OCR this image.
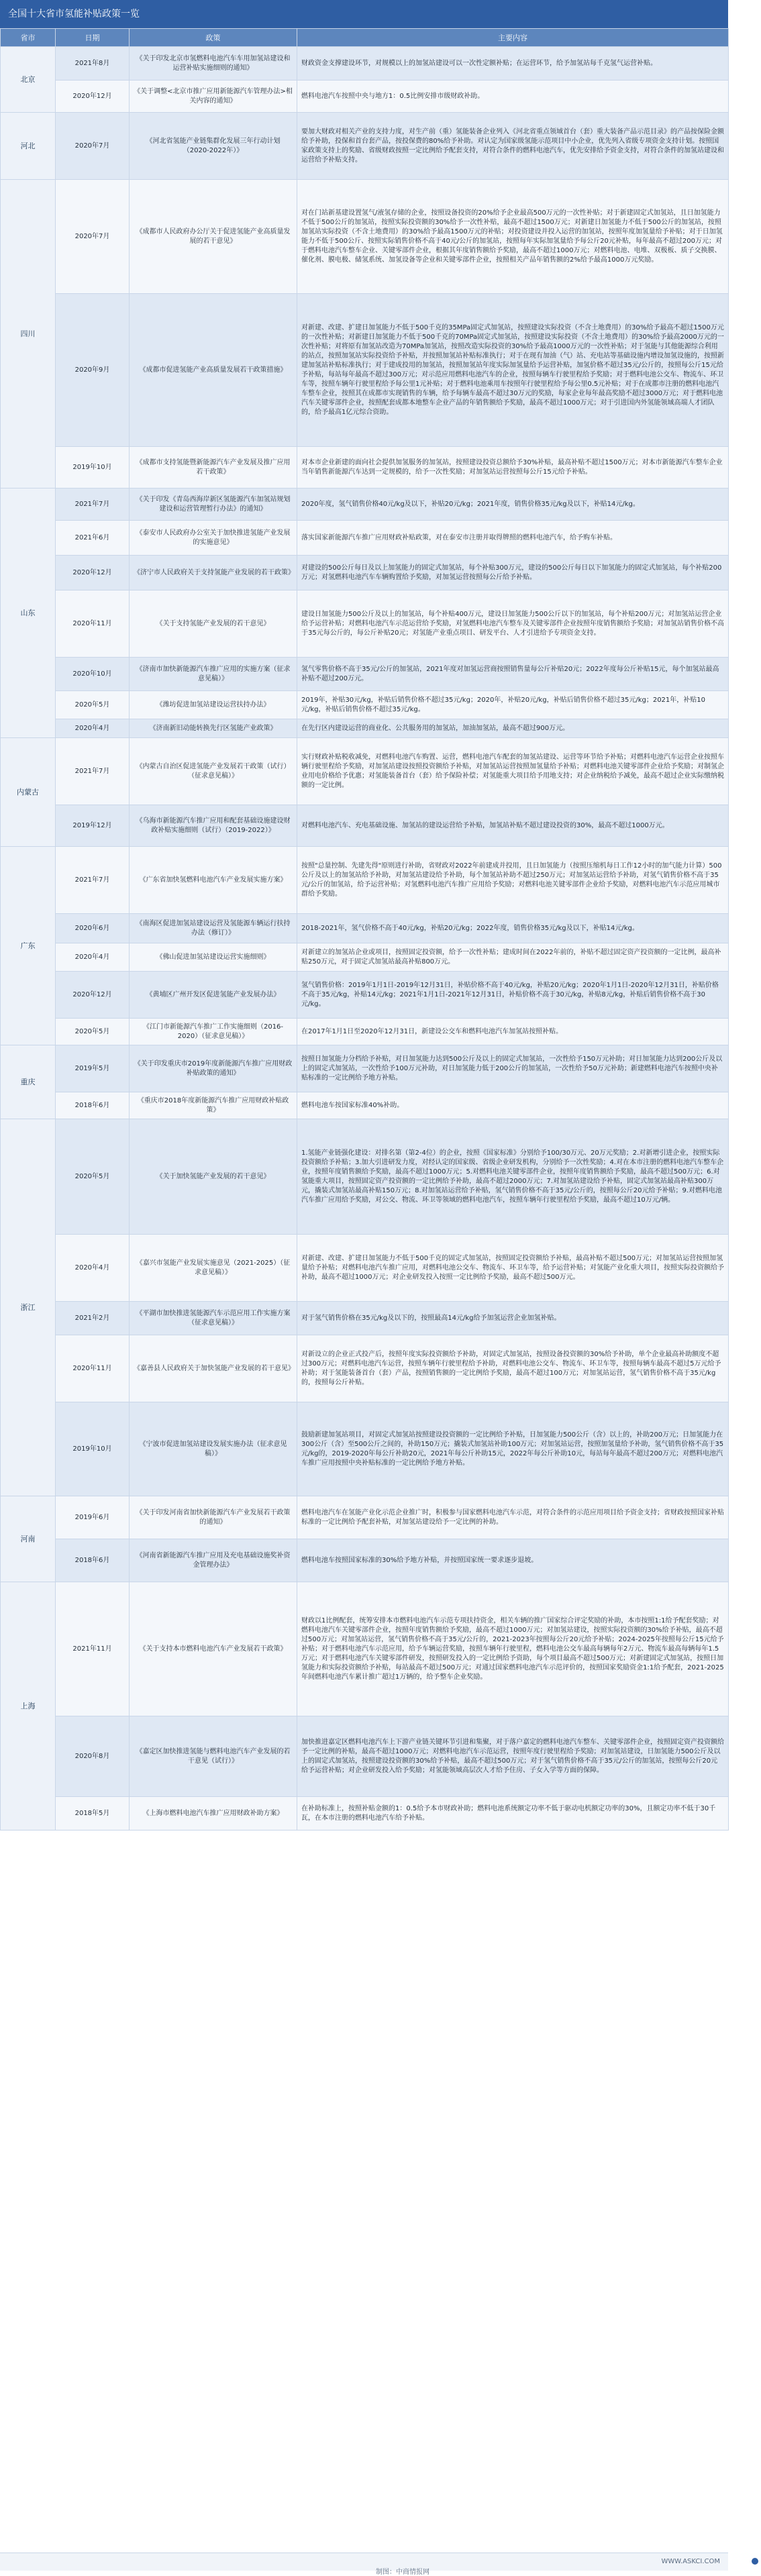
全国十大省市氢能补贴政策一览
省市	日期	政策	主要内容
北京	2021年8月	《关于印发北京市氢燃料电池汽车车用加氢站建设和运营补贴实施细则的通知》	财政资金支撑建设环节，对规模以上的加氢站建设可以一次性定额补贴；在运营环节，给予加氢站每千克氢气运营补贴。
	2020年12月	《关于调整<北京市推广应用新能源汽车管理办法>相关内容的通知》	燃料电池汽车按照中央与地方1：0.5比例安排市级财政补助。
河北	2020年7月	《河北省氢能产业链集群化发展三年行动计划（2020-2022年）》	要加大财政对相关产业的支持力度，对生产前（重）氢能装备企业列入《河北省重点领域首台（套）重大装备产品示范目录》的产品按保险金额给予补助，投保和首台套产品，按投保费的80%给予补助。对认定为国家级氢能示范项目中小企业，优先列入省级专项资金支持计划。按照国家政策支持上的奖励、省级财政按照一定比例给予配套支持，对符合条件的燃料电池汽车，优先安排给予资金支持，对符合条件的加氢站建设和运营给予补贴支持。
四川	2020年7月	《成都市人民政府办公厅关于促进氢能产业高质量发展的若干意见》	对在门站新基建设置氢气/液氢存储的企业，按照设备投资的20%给予企业最高500万元的一次性补贴；对于新建固定式加氢站，且日加氢能力不低于500公斤的加氢站，按照实际投资额的30%给予一次性补贴，最高不超过1500万元；对新建日加氢能力不低于500公斤的加氢站，按照加氢站实际投资（不含土地费用）的30%给予最高1500万元的补贴；对投资建设并投入运营的加氢站，按照年度加氢量给予补贴；对于日加氢能力不低于500公斤、按照实际销售价格不高于40元/公斤的加氢站，按照每年实际加氢量给予每公斤20元补贴，每年最高不超过200万元；对于燃料电池汽车整车企业、关键零部件企业，根据其年度销售额给予奖励，最高不超过1000万元；对燃料电池、电堆、双极板、质子交换膜、催化剂、膜电极、储氢系统、加氢设备等企业和关键零部件企业，按照相关产品年销售额的2%给予最高1000万元奖励。
	2020年9月	《成都市促进氢能产业高质量发展若干政策措施》	对新建、改建、扩建日加氢能力不低于500千克的35MPa固定式加氢站，按照建设实际投资（不含土地费用）的30%给予最高不超过1500万元的一次性补贴；对新建日加氢能力不低于500千克的70MPa固定式加氢站，按照建设实际投资（不含土地费用）的30%给予最高2000万元的一次性补贴；对将原有加氢站改造为70MPa加氢站，按照改造实际投资的30%给予最高1000万元的一次性补贴；对于氢能与其他能源综合利用的站点，按照加氢站实际投资给予补贴，并按照加氢站补贴标准执行；对于在现有加油（气）站、充电站等基础设施内增设加氢设施的，按照新建加氢站补贴标准执行；对于建成投用的加氢站，按照加氢站年度实际加氢量给予运营补贴，加氢价格不超过35元/公斤的，按照每公斤15元给予补贴，每站每年最高不超过300万元；对示范应用燃料电池汽车的企业，按照每辆车行驶里程给予奖励；对于燃料电池公交车、物流车、环卫车等，按照车辆年行驶里程给予每公里1元补贴；对于燃料电池乘用车按照年行驶里程给予每公里0.5元补贴；对于在成都市注册的燃料电池汽车整车企业，按照其在成都市实现销售的车辆，给予每辆车最高不超过30万元的奖励，每家企业每年最高奖励不超过3000万元；对于燃料电池汽车关键零部件企业，按照配套成都本地整车企业产品的年销售额给予奖励，最高不超过1000万元；对于引进国内外氢能领域高端人才团队的，给予最高1亿元综合资助。
	2019年10月	《成都市支持氢能暨新能源汽车产业发展及推广应用若干政策》	对本市企业新建的面向社会提供加氢服务的加氢站，按照建设投资总额给予30%补贴，最高补贴不超过1500万元；对本市新能源汽车整车企业当年销售新能源汽车达到一定规模的，给予一次性奖励；对加氢站运营按照每公斤15元给予补贴。
山东	2021年7月	《关于印发《青岛西海岸新区氢能源汽车加氢站规划建设和运营管理暂行办法》的通知》	2020年度，氢气销售价格40元/kg及以下，补贴20元/kg；2021年度，销售价格35元/kg及以下，补贴14元/kg。
	2021年6月	《泰安市人民政府办公室关于加快推进氢能产业发展的实施意见》	落实国家新能源汽车推广应用财政补贴政策，对在泰安市注册并取得牌照的燃料电池汽车，给予购车补贴。
	2020年12月	《济宁市人民政府关于支持氢能产业发展的若干政策》	对建设的500公斤每日及以上加氢能力的固定式加氢站，每个补贴300万元，建设的500公斤每日以下加氢能力的固定式加氢站，每个补贴200万元；对氢燃料电池汽车车辆购置给予奖励，对加氢运营按照每公斤给予补贴。
	2020年11月	《关于支持氢能产业发展的若干意见》	建设日加氢能力500公斤及以上的加氢站，每个补贴400万元，建设日加氢能力500公斤以下的加氢站，每个补贴200万元；对加氢站运营企业给予运营补贴；对燃料电池汽车示范运营给予奖励，对氢燃料电池汽车整车及关键零部件企业按照年度销售额给予奖励；对加氢站销售价格不高于35元每公斤的，每公斤补贴20元；对氢能产业重点项目、研发平台、人才引进给予专项资金支持。
	2020年10月	《济南市加快新能源汽车推广应用的实施方案（征求意见稿）》	氢气零售价格不高于35元/公斤的加氢站，2021年度对加氢运营商按照销售量每公斤补贴20元；2022年度每公斤补贴15元，每个加氢站最高补贴不超过200万元。
	2020年5月	《潍坊促进加氢站建设运营扶持办法》	2019年，补贴30元/kg，补贴后销售价格不超过35元/kg；2020年，补贴20元/kg，补贴后销售价格不超过35元/kg；2021年，补贴10元/kg，补贴后销售价格不超过35元/kg。
	2020年4月	《济南新旧动能转换先行区氢能产业政策》	在先行区内建设运营的商业化、公共服务用的加氢站，加油加氢站，最高不超过900万元。
内蒙古	2021年7月	《内蒙古自治区促进氢能产业发展若干政策（试行）（征求意见稿）》	实行财政补贴税收减免，对燃料电池汽车购置、运营，燃料电池汽车配套的加氢站建设、运营等环节给予补贴；对燃料电池汽车运营企业按照车辆行驶里程给予奖励，对加氢站建设按照投资额给予补贴，对加氢站运营按照加氢量给予补贴；对燃料电池关键零部件企业给予奖励；对制氢企业用电价格给予优惠；对氢能装备首台（套）给予保险补偿；对氢能重大项目给予用地支持；对企业纳税给予减免，最高不超过企业实际缴纳税额的一定比例。
	2019年12月	《乌海市新能源汽车推广应用和配套基础设施建设财政补贴实施细则（试行）（2019-2022）》	对燃料电池汽车、充电基础设施、加氢站的建设运营给予补贴，加氢站补贴不超过建设投资的30%，最高不超过1000万元。
广东	2021年7月	《广东省加快氢燃料电池汽车产业发展实施方案》	按照"总量控制、先建先得"原则进行补助，省财政对2022年前建成并投用，且日加氢能力（按照压缩机每日工作12小时的加气能力计算）500公斤及以上的加氢站给予补助，对加氢站建设给予补助，每个加氢站补助不超过250万元；对加氢站运营给予补助，对氢气销售价格不高于35元/公斤的加氢站，给予运营补贴；对氢燃料电池汽车推广应用给予奖励；对燃料电池关键零部件企业给予奖励，对燃料电池汽车示范应用城市群给予奖励。
	2020年6月	《南海区促进加氢站建设运营及氢能源车辆运行扶持办法（修订）》	2018-2021年，氢气价格不高于40元/kg，补贴20元/kg；2022年度，销售价格35元/kg及以下，补贴14元/kg。
	2020年4月	《佛山促进加氢站建设运营实施细则》	对新建立的加氢站企业或项目，按照固定投资额，给予一次性补贴；建成时间在2022年前的，补贴不超过固定资产投资额的一定比例，最高补贴250万元，对于固定式加氢站最高补贴800万元。
	2020年12月	《黄埔区广州开发区促进氢能产业发展办法》	氢气销售价格：2019年1月1日-2019年12月31日，补贴价格不高于40元/kg，补贴20元/kg；2020年1月1日-2020年12月31日，补贴价格不高于35元/kg，补贴14元/kg；2021年1月1日-2021年12月31日，补贴价格不高于30元/kg，补贴8元/kg，补贴后销售价格不高于30元/kg。
	2020年5月	《江门市新能源汽车推广工作实施细则（2016-2020）（征求意见稿）》	在2017年1月1日至2020年12月31日，新建设公交车和燃料电池汽车加氢站按照补贴。
重庆	2019年5月	《关于印发重庆市2019年度新能源汽车推广应用财政补贴政策的通知》	按照日加氢能力分档给予补贴，对日加氢能力达到500公斤及以上的固定式加氢站，一次性给予150万元补助；对日加氢能力达到200公斤及以上的固定式加氢站，一次性给予100万元补助，对日加氢能力低于200公斤的加氢站，一次性给予50万元补助；新建燃料电池汽车按照中央补贴标准的一定比例给予地方补贴。
	2018年6月	《重庆市2018年度新能源汽车推广应用财政补贴政策》	燃料电池车按国家标准40%补助。
浙江	2020年5月	《关于加快氢能产业发展的若干意见》	1.氢能产业链强化建设：对排名第（第2-4位）的企业，按照《国家标准》分别给予100/30万元、20万元奖励；2.对新增引进企业，按照实际投资额给予补贴；3.加大引进研发力度，对经认定的国家级、省级企业研发机构，分别给予一次性奖励；4.对在本市注册的燃料电池汽车整车企业，按照年度销售额给予奖励，最高不超过1000万元；5.对燃料电池关键零部件企业，按照年度销售额给予奖励，最高不超过500万元；6.对氢能重大项目，按照固定资产投资额的一定比例给予补助，最高不超过2000万元；7.对加氢站建设给予补贴，固定式加氢站最高补贴300万元，撬装式加氢站最高补贴150万元；8.对加氢站运营给予补贴，氢气销售价格不高于35元/公斤的，按照每公斤20元给予补贴；9.对燃料电池汽车推广应用给予奖励，对公交、物流、环卫等领域的燃料电池汽车，按照车辆年行驶里程给予奖励，最高不超过10万元/辆。
	2020年4月	《嘉兴市氢能产业发展实施意见（2021-2025）（征求意见稿）》	对新建、改建、扩建日加氢能力不低于500千克的固定式加氢站，按照固定投资额给予补贴，最高补贴不超过500万元；对加氢站运营按照加氢量给予补贴；对燃料电池汽车推广应用，对燃料电池公交车、物流车、环卫车等，给予运营补贴；对氢能产业化重大项目，按照实际投资额给予补助，最高不超过1000万元；对企业研发投入按照一定比例给予奖励，最高不超过500万元。
	2021年2月	《平湖市加快推进氢能源汽车示范应用工作实施方案（征求意见稿）》	对于氢气销售价格在35元/kg及以下的，按照最高14元/kg给予加氢运营企业加氢补贴。
	2020年11月	《嘉善县人民政府关于加快氢能产业发展的若干意见》	对新设立的企业正式投产后，按照年度实际投资额给予补助，对固定式加氢站，按照设备投资额的30%给予补助，单个企业最高补助额度不超过300万元；对燃料电池汽车运营，按照车辆年行驶里程给予补助，对燃料电池公交车、物流车、环卫车等，按照每辆车最高不超过5万元给予补助；对于氢能装备首台（套）产品，按照销售额的一定比例给予奖励，最高不超过100万元；对加氢站运营，氢气销售价格不高于35元/kg的，按照每公斤补贴。
	2019年10月	《宁波市促进加氢站建设发展实施办法（征求意见稿）》	鼓励新建加氢站项目，对固定式加氢站按照建设投资额的一定比例给予补贴，日加氢能力500公斤（含）以上的，补助200万元；日加氢能力在300公斤（含）至500公斤之间的，补助150万元；撬装式加氢站补助100万元；对加氢站运营，按照加氢量给予补助，氢气销售价格不高于35元/kg的，2019-2020年每公斤补助20元，2021年每公斤补助15元，2022年每公斤补助10元，每站每年最高不超过200万元；对燃料电池汽车推广应用按照中央补贴标准的一定比例给予地方补贴。
河南	2019年6月	《关于印发河南省加快新能源汽车产业发展若干政策的通知》	燃料电池汽车在氢能产业化示范企业推广时，积极参与国家燃料电池汽车示范，对符合条件的示范应用项目给予资金支持；省财政按照国家补贴标准的一定比例给予配套补贴，对加氢站建设给予一定比例的补助。
	2018年6月	《河南省新能源汽车推广应用及充电基础设施奖补资金管理办法》	燃料电池车按照国家标准的30%给予地方补贴，并按照国家统一要求逐步退坡。
上海	2021年11月	《关于支持本市燃料电池汽车产业发展若干政策》	财政以1比例配套，统筹安排本市燃料电池汽车示范专项扶持资金，相关车辆的推广国家综合评定奖励的补助，本市按照1:1给予配套奖励；对燃料电池汽车关键零部件企业，按照年度销售额给予奖励，最高不超过1000万元；对加氢站建设，按照实际投资额的30%给予补贴，最高不超过500万元；对加氢站运营，氢气销售价格不高于35元/公斤的，2021-2023年按照每公斤20元给予补贴；2024-2025年按照每公斤15元给予补贴；对于燃料电池汽车示范应用，给予车辆运营奖励，按照车辆年行驶里程，燃料电池公交车最高每辆每年2万元、物流车最高每辆每年1.5万元；对于燃料电池汽车关键零部件研发，按照研发投入的一定比例给予资助，每个项目最高不超过500万元；对新建固定式加氢站，按照日加氢能力和实际投资额给予补贴，每站最高不超过500万元；对通过国家燃料电池汽车示范评价的，按照国家奖励资金1:1给予配套，2021-2025年间燃料电池汽车累计推广超过1万辆的，给予整车企业奖励。
	2020年8月	《嘉定区加快推进氢能与燃料电池汽车产业发展的若干意见（试行）》	加快推进嘉定区燃料电池汽车上下游产业链关键环节引进和集聚，对于落户嘉定的燃料电池汽车整车、关键零部件企业，按照固定资产投资额给予一定比例的补贴，最高不超过1000万元；对燃料电池汽车示范运营，按照年度行驶里程给予奖励；对加氢站建设，日加氢能力500公斤及以上的固定式加氢站，按照建设投资额的30%给予补贴，最高不超过500万元；对于氢气销售价格不高于35元/公斤的加氢站，按照每公斤20元给予运营补贴；对企业研发投入给予奖励；对氢能领域高层次人才给予住房、子女入学等方面的保障。
	2018年5月	《上海市燃料电池汽车推广应用财政补助方案》	在补助标准上，按照补贴金额的1：0.5给予本市财政补助；燃料电池系统额定功率不低于驱动电机额定功率的30%，且额定功率不低于30千瓦，在本市注册的燃料电池汽车给予补贴。
制图：中商情报网
WWW.ASKCI.COM
